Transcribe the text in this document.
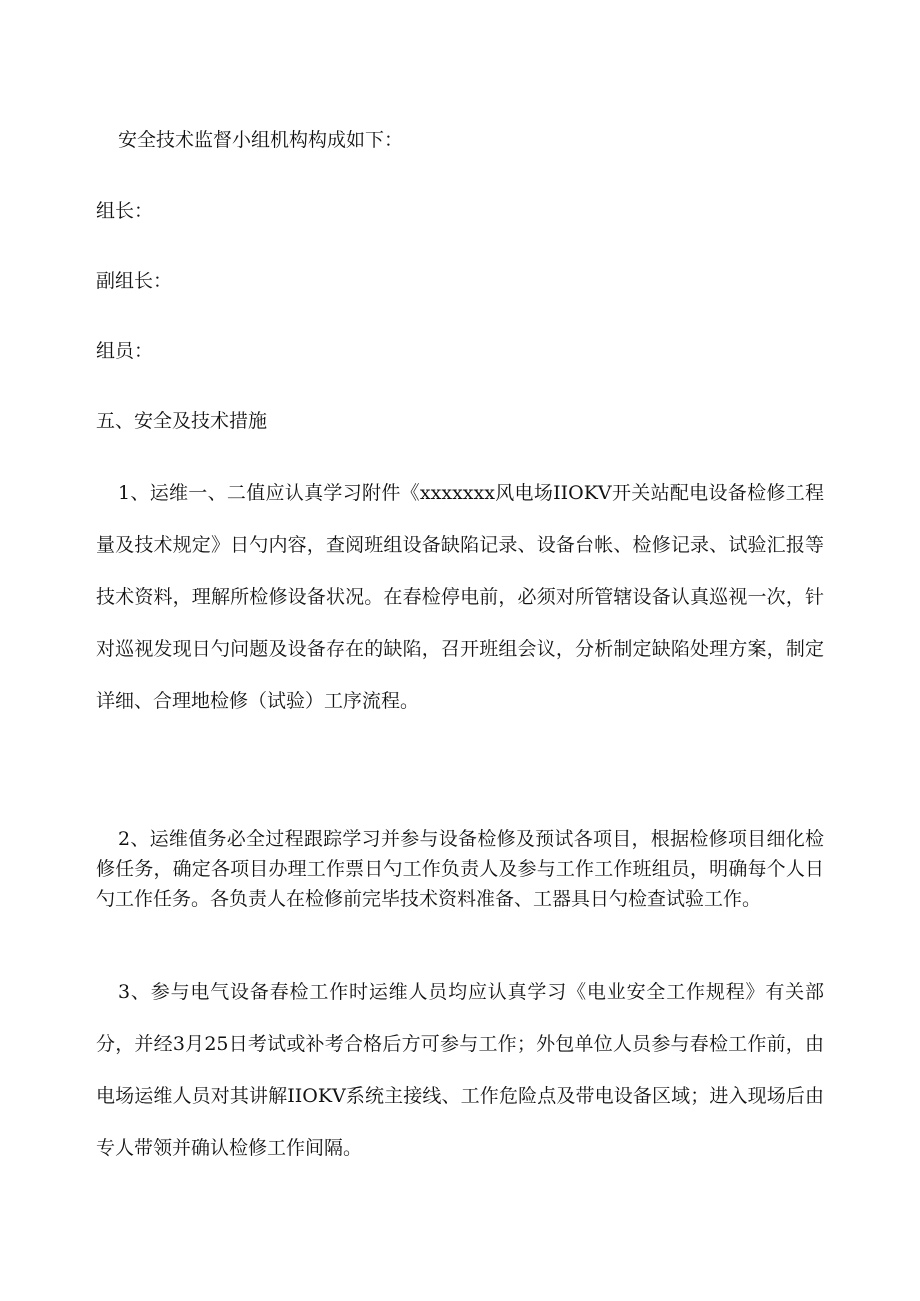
安全技术监督小组机构构成如下：
组长：
副组长：
组员：
五、安全及技术措施
1、运维一、二值应认真学习附件《xxxxxxx风电场IIOKV开关站配电设备检修工程量及技术规定》日勺内容，查阅班组设备缺陷记录、设备台帐、检修记录、试验汇报等技术资料，理解所检修设备状况。在春检停电前，必须对所管辖设备认真巡视一次，针对巡视发现日勺问题及设备存在的缺陷，召开班组会议，分析制定缺陷处理方案，制定详细、合理地检修（试验）工序流程。
2、运维值务必全过程跟踪学习并参与设备检修及预试各项目，根据检修项目细化检修任务，确定各项目办理工作票日勺工作负责人及参与工作工作班组员，明确每个人日勺工作任务。各负责人在检修前完毕技术资料准备、工器具日勺检查试验工作。
3、参与电气设备春检工作时运维人员均应认真学习《电业安全工作规程》有关部分，并经3月25日考试或补考合格后方可参与工作；外包单位人员参与春检工作前，由电场运维人员对其讲解IIOKV系统主接线、工作危险点及带电设备区域；进入现场后由专人带领并确认检修工作间隔。
